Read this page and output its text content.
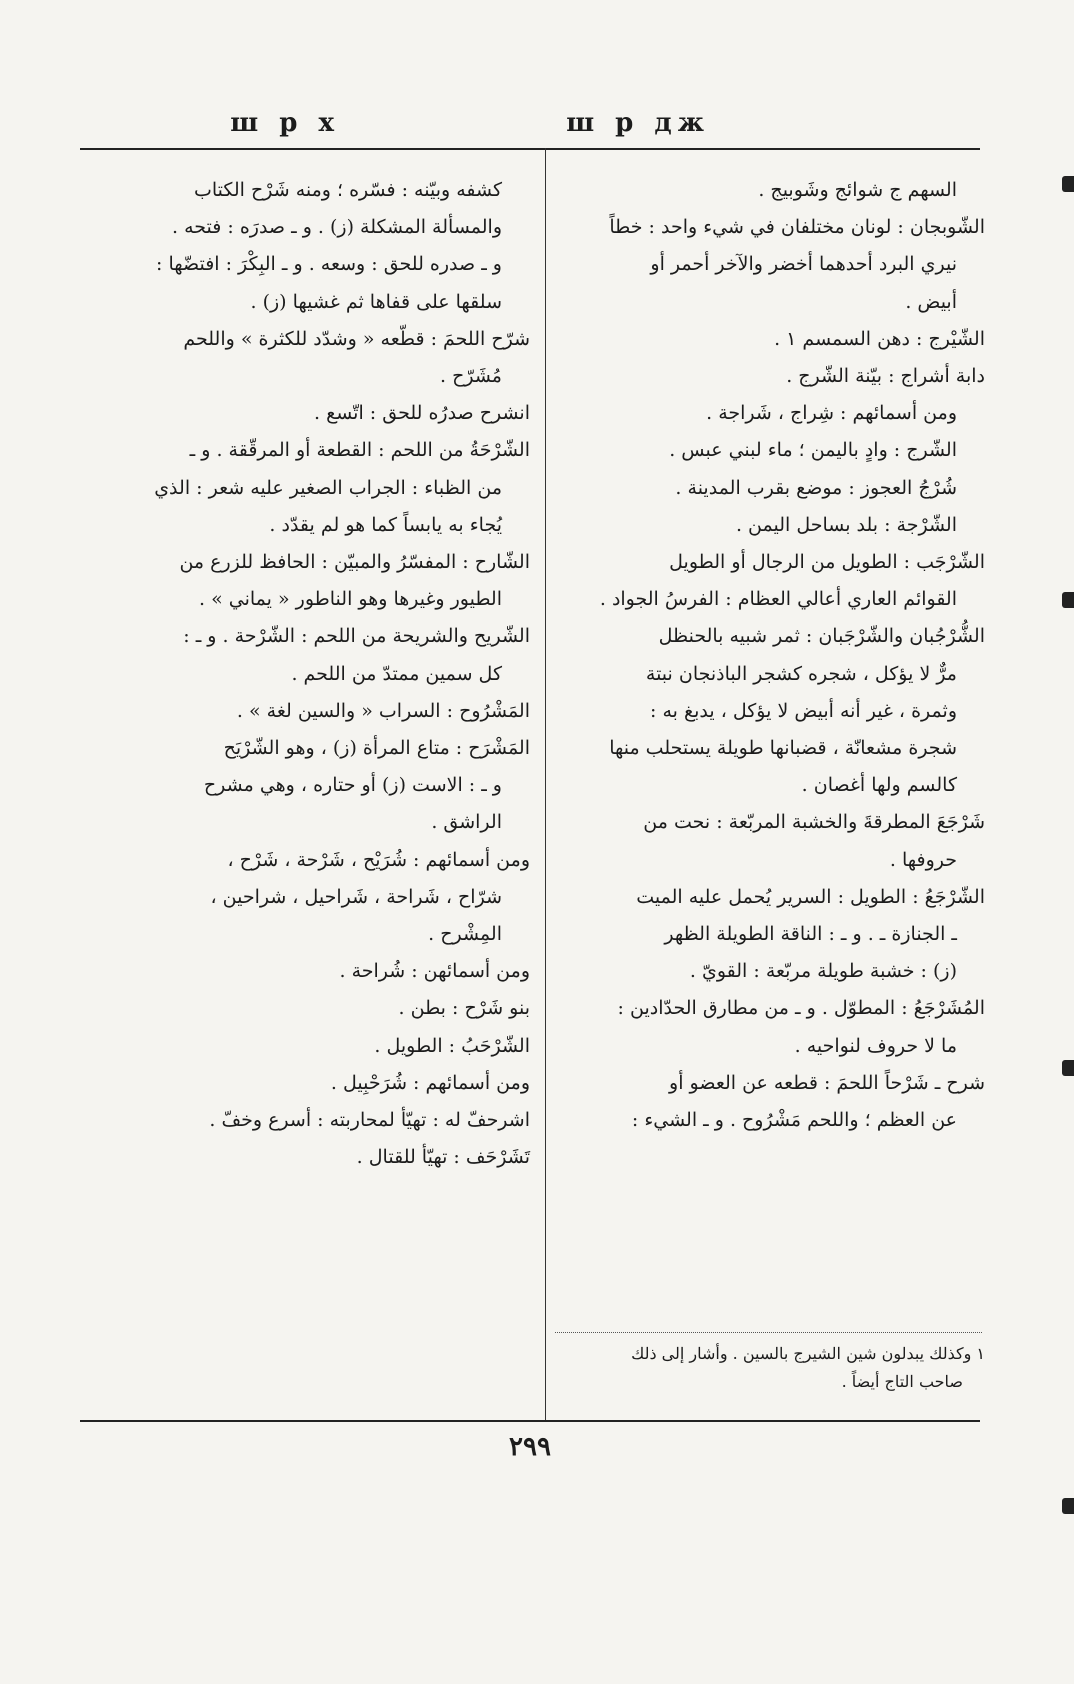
ш р дж
ш р х

السهم ج شوائج وشَوبيج .

الشّوبجان : لونان مختلفان في شيء واحد : خطاً

نيري البرد أحدهما أخضر والآخر أحمر أو

أبيض .

الشّيْرج : دهن السمسم ١ .

دابة أشراج : بيّنة الشّرج .

ومن أسمائهم : شِراج ، شَراجة .

الشّرج : وادٍ باليمن ؛ ماء لبني عبس .

شُرْجُ العجوز : موضع بقرب المدينة .

الشّرْجة : بلد بساحل اليمن .

الشّرْجَب : الطويل من الرجال أو الطويل

القوائم العاري أعالي العظام : الفرسُ الجواد .

الشُّرْجُبان والشّرْجَبان : ثمر شبيه بالحنظل

مرٌّ لا يؤكل ، شجره كشجر الباذنجان نبتة

وثمرة ، غير أنه أبيض لا يؤكل ، يدبغ به :

شجرة مشعانّة ، قضبانها طويلة يستحلب منها

كالسم ولها أغصان .

شَرْجَعَ المطرقةَ والخشبة المربّعة : نحت من

حروفها .

الشّرْجَعُ : الطويل : السرير يُحمل عليه الميت

ـ الجنازة ـ . و ـ : الناقة الطويلة الظهر

(ز) : خشبة طويلة مربّعة : القويّ .

المُشَرْجَعُ : المطوّل . و ـ من مطارق الحدّادين :

ما لا حروف لنواحيه .

شرح ـ شَرْحاً اللحمَ : قطعه عن العضو أو

عن العظم ؛ واللحم مَشْرُوح . و ـ الشيء :

كشفه وبيّنه : فسّره ؛ ومنه شَرْح الكتاب

والمسألة المشكلة (ز) . و ـ صدرَه : فتحه .

و ـ صدره للحق : وسعه . و ـ البِكْرَ : افتضّها :

سلقها على قفاها ثم غشيها (ز) .

شرّح اللحمَ : قطّعه « وشدّد للكثرة » واللحم

مُشَرّح .

انشرح صدرُه للحق : اتّسع .

الشّرْحَةُ من اللحم : القطعة أو المرقّقة . و ـ

من الظباء : الجراب الصغير عليه شعر : الذي

يُجاء به يابساً كما هو لم يقدّد .

الشّارح : المفسّرُ والمبيّن : الحافظ للزرع من

الطيور وغيرها وهو الناطور « يماني » .

الشّريح والشريحة من اللحم : الشّرْحة . و ـ :

كل سمين ممتدّ من اللحم .

المَشْرُوح : السراب « والسين لغة » .

المَشْرَح : متاع المرأة (ز) ، وهو الشّرْيَح

و ـ : الاست (ز) أو حتاره ، وهي مشرح

الراشق .

ومن أسمائهم : شُرَيْح ، شَرْحة ، شَرْح ،

شرّاح ، شَراحة ، شَراحيل ، شراحين ،

المِشْرح .

ومن أسمائهن : شُراحة .

بنو شَرْح : بطن .

الشّرْحَبُ : الطويل .

ومن أسمائهم : شُرَحْبِيل .

اشرحفّ له : تهيّأ لمحاربته : أسرع وخفّ .

تَشَرْحَف : تهيّأ للقتال .

١ وكذلك يبدلون شين الشيرج بالسين . وأشار إلى ذلك

صاحب التاج أيضاً .

٢٩٩
